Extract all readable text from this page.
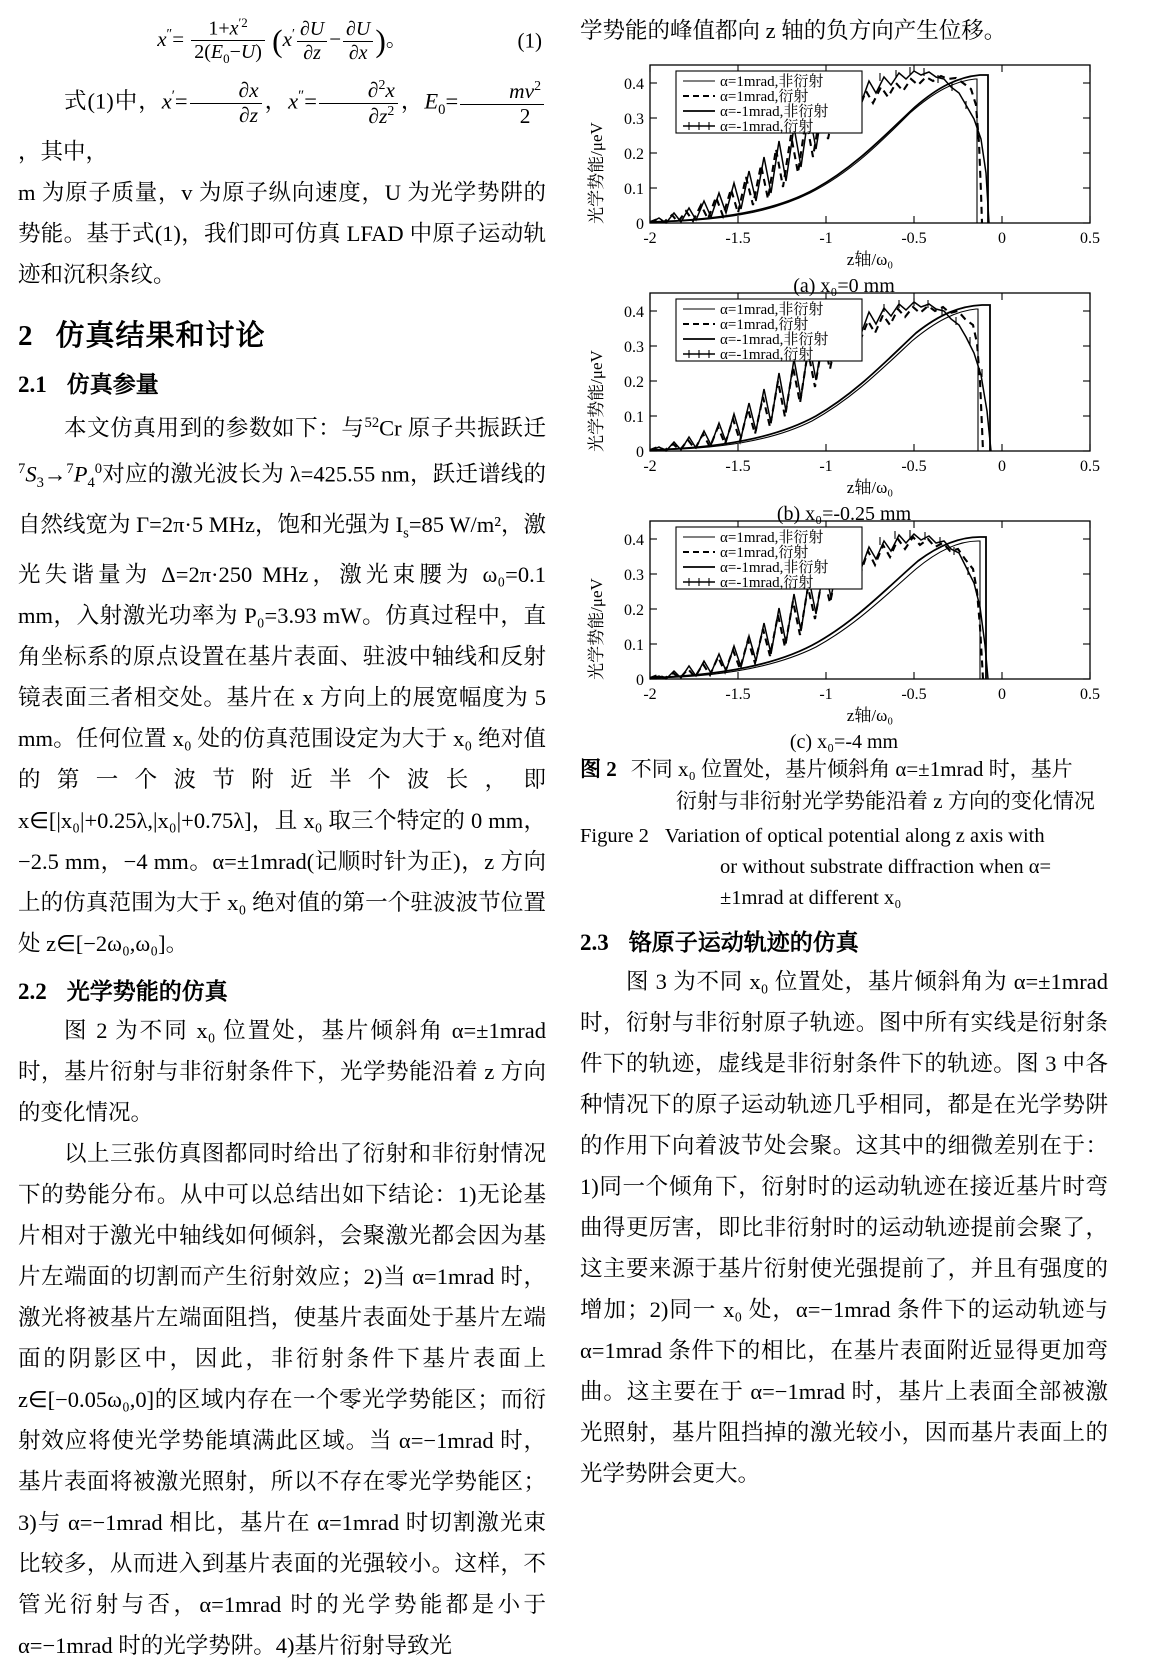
$x''= \frac{1+x^{'2}}{2(E_0-U)} (x' \frac{\partial U}{\partial z} - \frac{\partial U}{\partial x}$ )。	(1)
式(1)中，$x'= \frac{\partial x}{\partial z}$ ，$x''= \frac{\partial^2x}{\partial z^2}$ ，$E_0= \frac{mv^2}{2}$
，其中，
m 为原子质量，v 为原子纵向速度，U 为光学势阱的势能。基于式(1)，我们即可仿真 LFAD 中原子运动轨迹和沉积条纹。
2 仿真结果和讨论
2.1 仿真参量
本文仿真用到的参数如下：与$^{52}$Cr 原子共振跃迁$^7S_3\to^7P_4^0$对应的激光波长为 λ=425.55 nm，跃迁谱线的自然线宽为 Γ=2π·5 MHz，饱和光强为 $I_s=85$ W/m²，激光失谐量为 Δ=2π·250 MHz，激光束腰为 ω₀=0.1 mm，入射激光功率为 P₀=3.93 mW。仿真过程中，直角坐标系的原点设置在基片表面、驻波中轴线和反射镜表面三者相交处。基片在 x 方向上的展宽幅度为 5 mm。任何位置 x₀ 处的仿真范围设定为大于 x₀ 绝对值的第一个波节附近半个波长，即 x∈[|x₀|+0.25λ,|x₀|+0.75λ]，且 x₀ 取三个特定的 0 mm，−2.5 mm，−4 mm。α=±1mrad(记顺时针为正)，z 方向上的仿真范围为大于 x₀ 绝对值的第一个驻波波节位置处 z∈[−2ω₀,ω₀]。
2.2 光学势能的仿真
图 2 为不同 x₀ 位置处，基片倾斜角 α=±1mrad时，基片衍射与非衍射条件下，光学势能沿着 z 方向的变化情况。
以上三张仿真图都同时给出了衍射和非衍射情况下的势能分布。从中可以总结出如下结论：1)无论基片相对于激光中轴线如何倾斜，会聚激光都会因为基片左端面的切割而产生衍射效应；2)当 α=1mrad 时，激光将被基片左端面阻挡，使基片表面处于基片左端面的阴影区中，因此，非衍射条件下基片表面上 z∈[−0.05ω₀,0]的区域内存在一个零光学势能区；而衍射效应将使光学势能填满此区域。当 α=−1mrad 时，基片表面将被激光照射，所以不存在零光学势能区；3)与 α=−1mrad 相比，基片在 α=1mrad 时切割激光束比较多，从而进入到基片表面的光强较小。这样，不管光衍射与否，α=1mrad 时的光学势能都是小于 α=−1mrad 时的光学势阱。4)基片衍射导致光
学势能的峰值都向 z 轴的负方向产生位移。
光学势能/μeV
-2	-1.5	-1	-0.5	0	0.5
0
0.1
0.2
0.3
0.4
z轴/ω₀
α=1mrad,非衍射
α=1mrad,衍射
α=-1mrad,非衍射
α=-1mrad,衍射
(a) x₀=0 mm
光学势能/μeV
-2	-1.5	-1	-0.5	0	0.5
0
0.1
0.2
0.3
0.4
z轴/ω₀
α=1mrad,非衍射
α=1mrad,衍射
α=-1mrad,非衍射
α=-1mrad,衍射
(b) x₀=-0.25 mm
光学势能/μeV
-2	-1.5	-1	-0.5	0	0.5
0
0.1
0.2
0.3
0.4
z轴/ω₀
α=1mrad,非衍射
α=1mrad,衍射
α=-1mrad,非衍射
α=-1mrad,衍射
(c) x₀=-4 mm
图 2 不同 x₀ 位置处，基片倾斜角 α=±1mrad 时，基片
衍射与非衍射光学势能沿着 z 方向的变化情况
Figure 2 Variation of optical potential along z axis with
or without substrate diffraction when α=
±1mrad at different x₀
2.3 铬原子运动轨迹的仿真
图 3 为不同 x₀ 位置处，基片倾斜角为 α=±1mrad时，衍射与非衍射原子轨迹。图中所有实线是衍射条件下的轨迹，虚线是非衍射条件下的轨迹。图 3 中各种情况下的原子运动轨迹几乎相同，都是在光学势阱的作用下向着波节处会聚。这其中的细微差别在于：1)同一个倾角下，衍射时的运动轨迹在接近基片时弯曲得更厉害，即比非衍射时的运动轨迹提前会聚了，这主要来源于基片衍射使光强提前了，并且有强度的增加；2)同一 x₀ 处，α=−1mrad 条件下的运动轨迹与 α=1mrad 条件下的相比，在基片表面附近显得更加弯曲。这主要在于 α=−1mrad 时，基片上表面全部被激光照射，基片阻挡掉的激光较小，因而基片表面上的光学势阱会更大。
